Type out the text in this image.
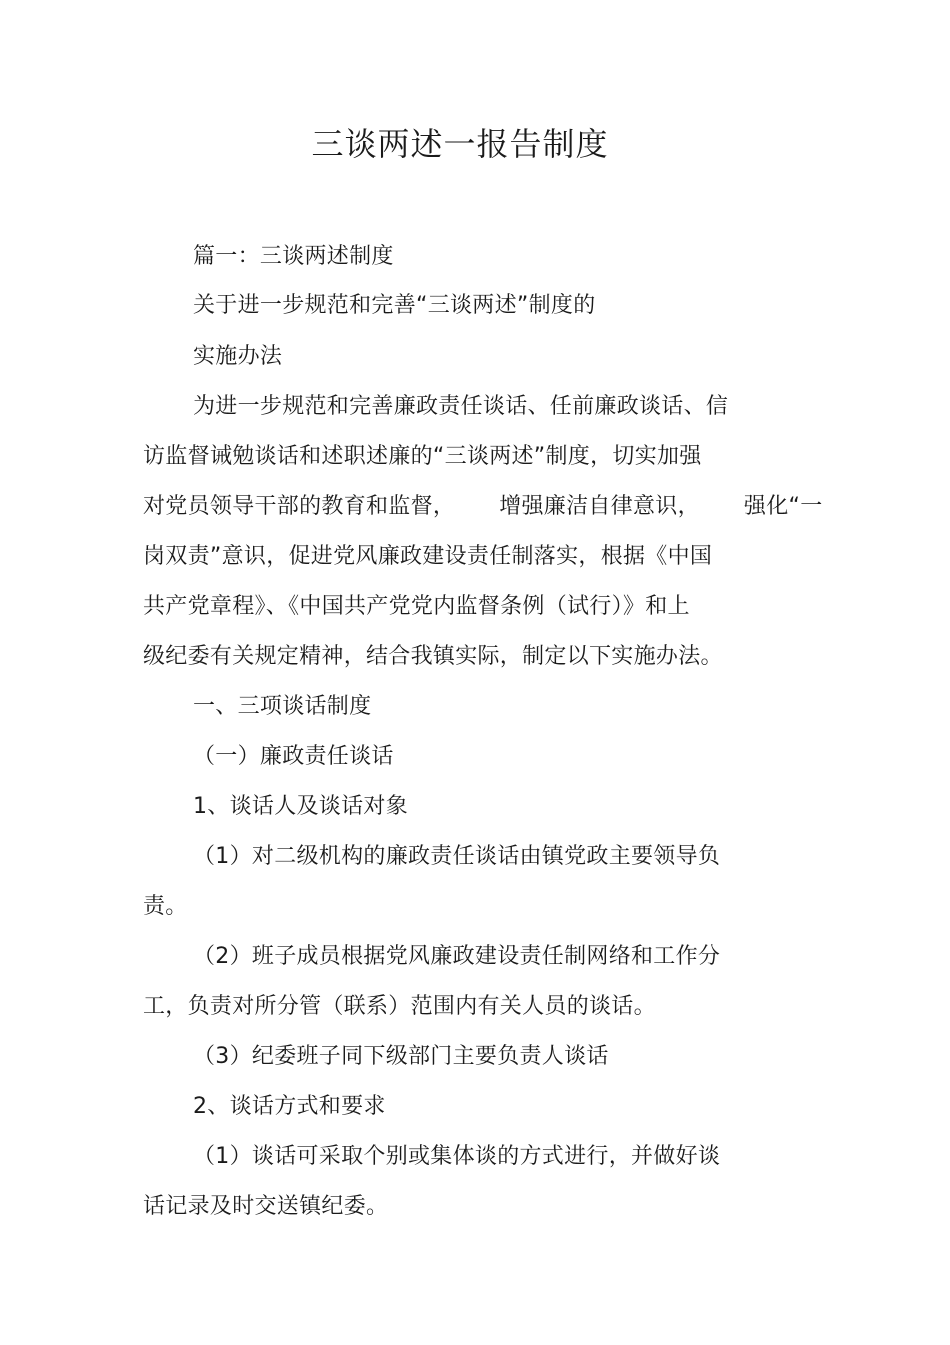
三谈两述一报告制度
篇一：三谈两述制度
关于进一步规范和完善“三谈两述”制度的
实施办法
为进一步规范和完善廉政责任谈话、任前廉政谈话、信
访监督诫勉谈话和述职述廉的“三谈两述”制度，切实加强
对党员领导干部的教育和监督， 增强廉洁自律意识， 强化“一
岗双责”意识，促进党风廉政建设责任制落实，根据《中国
共产党章程》、《中国共产党党内监督条例（试行）》和上
级纪委有关规定精神，结合我镇实际，制定以下实施办法。
一、三项谈话制度
（一）廉政责任谈话
1、谈话人及谈话对象
（1）对二级机构的廉政责任谈话由镇党政主要领导负
责。
（2）班子成员根据党风廉政建设责任制网络和工作分
工，负责对所分管（联系）范围内有关人员的谈话。
（3）纪委班子同下级部门主要负责人谈话
2、谈话方式和要求
（1）谈话可采取个别或集体谈的方式进行，并做好谈
话记录及时交送镇纪委。
